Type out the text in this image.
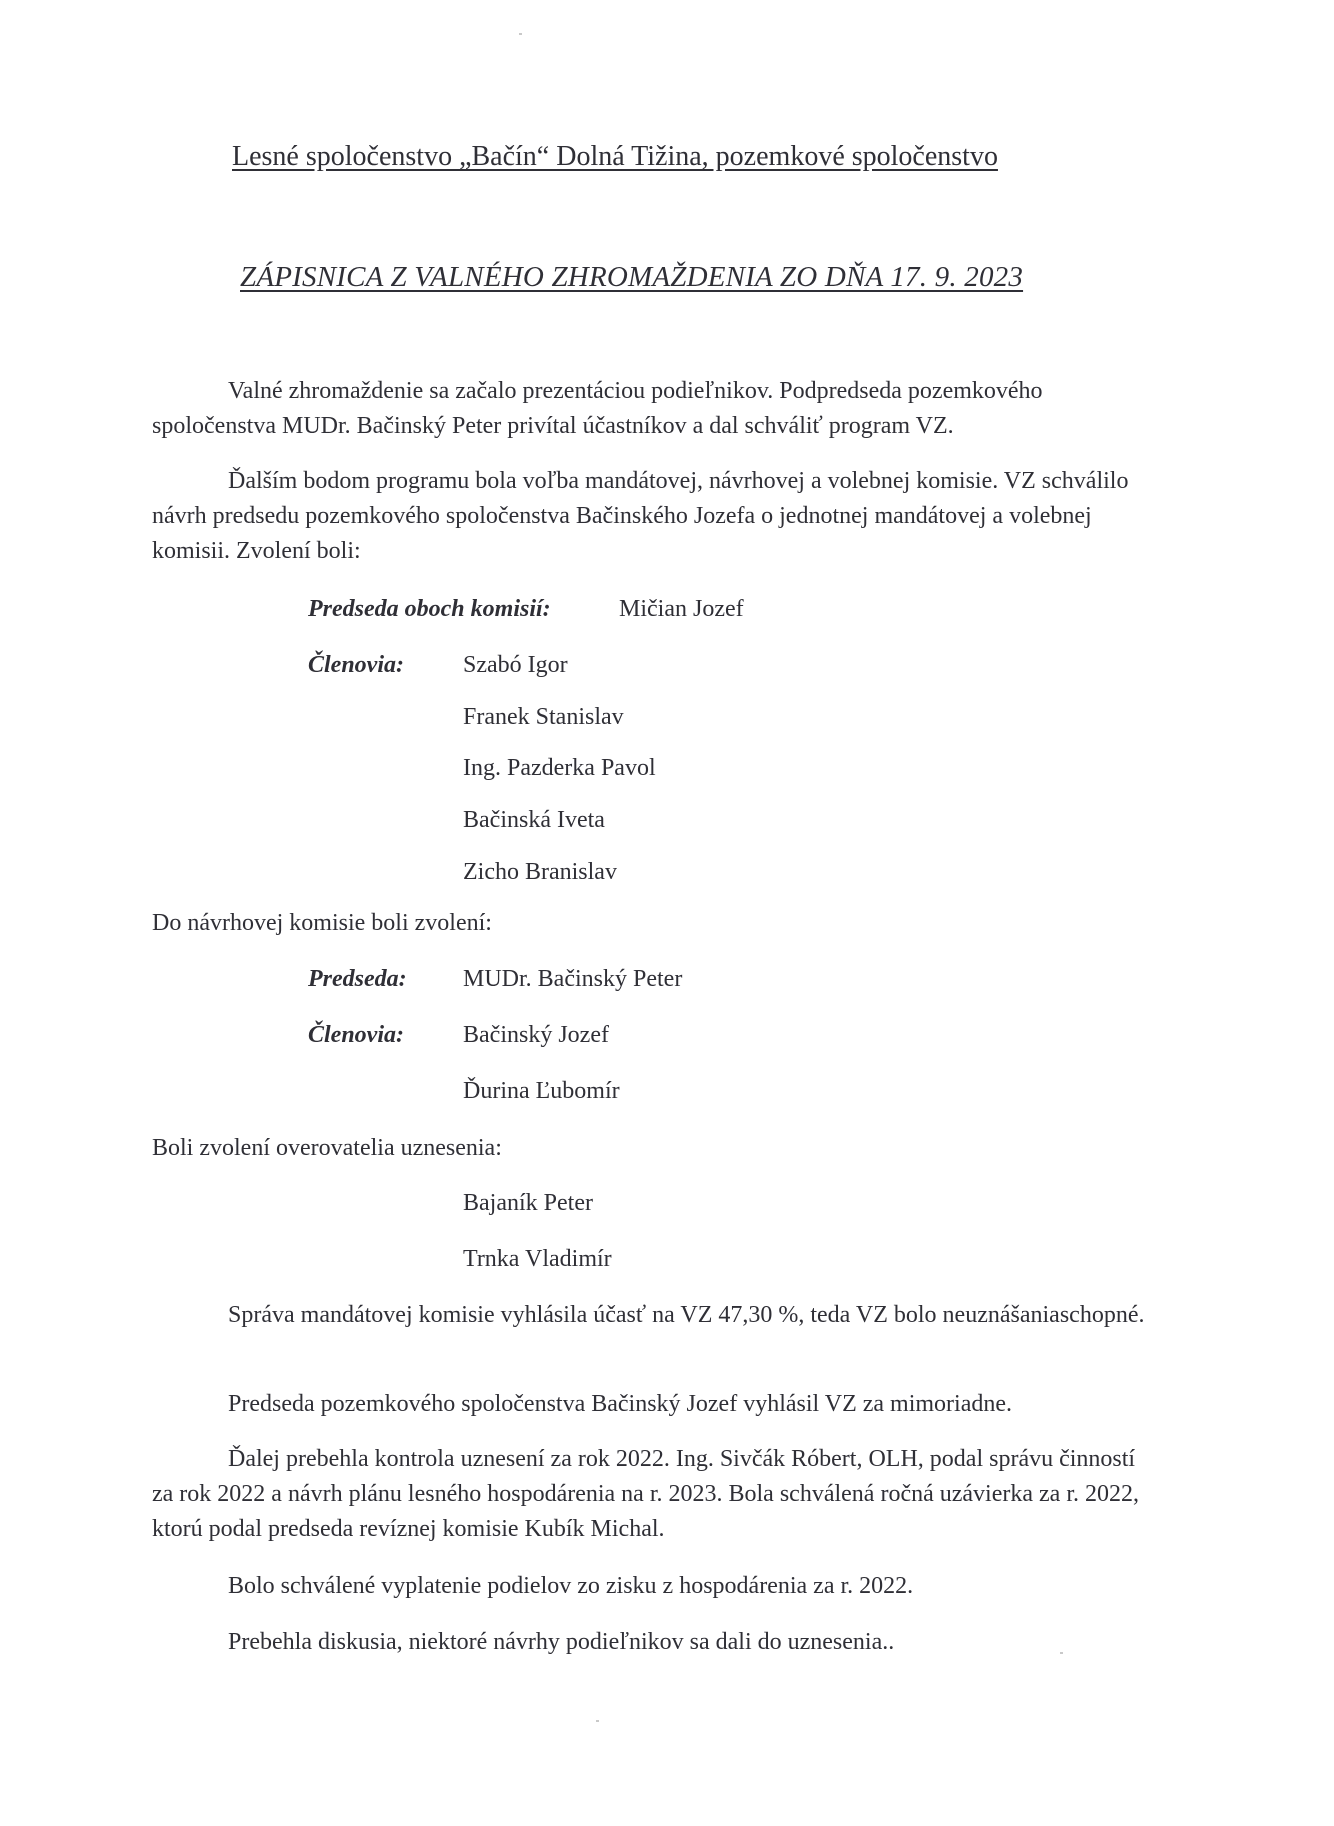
Lesné spoločenstvo „Bačín“ Dolná Tižina, pozemkové spoločenstvo
ZÁPISNICA Z VALNÉHO ZHROMAŽDENIA ZO DŇA 17. 9. 2023
Valné zhromaždenie sa začalo prezentáciou podieľnikov. Podpredseda pozemkového spoločenstva MUDr. Bačinský Peter privítal účastníkov a dal schváliť program VZ.
Ďalším bodom programu bola voľba mandátovej, návrhovej a volebnej komisie. VZ schválilo návrh predsedu pozemkového spoločenstva Bačinského Jozefa o jednotnej mandátovej a volebnej komisii. Zvolení boli:
Predseda oboch komisií:	Mičian Jozef
Členovia: Szabó Igor
Franek Stanislav
Ing. Pazderka Pavol
Bačinská Iveta
Zicho Branislav
Do návrhovej komisie boli zvolení:
Predseda: MUDr. Bačinský Peter
Členovia: Bačinský Jozef
Ďurina Ľubomír
Boli zvolení overovatelia uznesenia:
Bajaník Peter
Trnka Vladimír
Správa mandátovej komisie vyhlásila účasť na VZ 47,30 %, teda VZ bolo neuznášaniaschopné.
Predseda pozemkového spoločenstva Bačinský Jozef vyhlásil VZ za mimoriadne.
Ďalej prebehla kontrola uznesení za rok 2022. Ing. Sivčák Róbert, OLH, podal správu činností za rok 2022 a návrh plánu lesného hospodárenia na r. 2023. Bola schválená ročná uzávierka za r. 2022, ktorú podal predseda revíznej komisie Kubík Michal.
Bolo schválené vyplatenie podielov zo zisku z hospodárenia za r. 2022.
Prebehla diskusia, niektoré návrhy podieľnikov sa dali do uznesenia..
